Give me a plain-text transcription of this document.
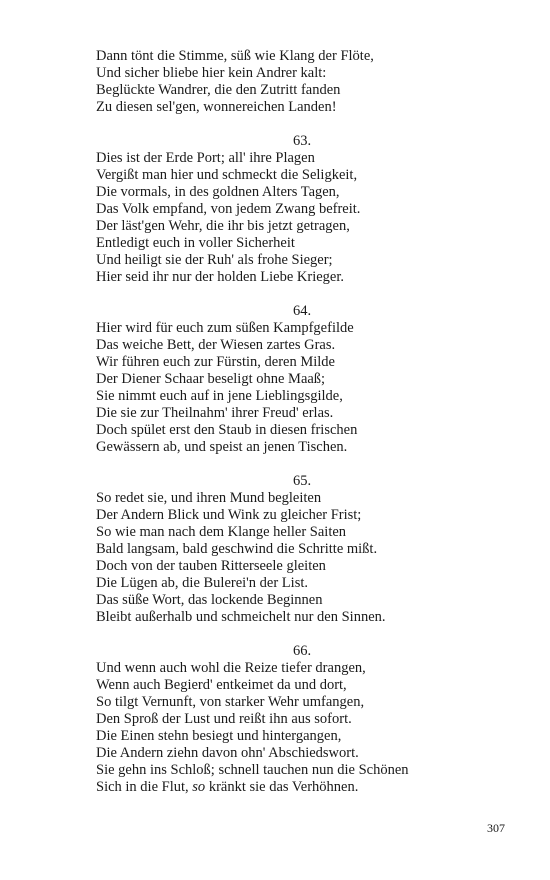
Dann tönt die Stimme, süß wie Klang der Flöte,
Und sicher bliebe hier kein Andrer kalt:
Beglückte Wandrer, die den Zutritt fanden
Zu diesen sel'gen, wonnereichen Landen!
63.
Dies ist der Erde Port; all' ihre Plagen
Vergißt man hier und schmeckt die Seligkeit,
Die vormals, in des goldnen Alters Tagen,
Das Volk empfand, von jedem Zwang befreit.
Der läst'gen Wehr, die ihr bis jetzt getragen,
Entledigt euch in voller Sicherheit
Und heiligt sie der Ruh' als frohe Sieger;
Hier seid ihr nur der holden Liebe Krieger.
64.
Hier wird für euch zum süßen Kampfgefilde
Das weiche Bett, der Wiesen zartes Gras.
Wir führen euch zur Fürstin, deren Milde
Der Diener Schaar beseligt ohne Maaß;
Sie nimmt euch auf in jene Lieblingsgilde,
Die sie zur Theilnahm' ihrer Freud' erlas.
Doch spület erst den Staub in diesen frischen
Gewässern ab, und speist an jenen Tischen.
65.
So redet sie, und ihren Mund begleiten
Der Andern Blick und Wink zu gleicher Frist;
So wie man nach dem Klange heller Saiten
Bald langsam, bald geschwind die Schritte mißt.
Doch von der tauben Ritterseele gleiten
Die Lügen ab, die Bulerei'n der List.
Das süße Wort, das lockende Beginnen
Bleibt außerhalb und schmeichelt nur den Sinnen.
66.
Und wenn auch wohl die Reize tiefer drangen,
Wenn auch Begierd' entkeimet da und dort,
So tilgt Vernunft, von starker Wehr umfangen,
Den Sproß der Lust und reißt ihn aus sofort.
Die Einen stehn besiegt und hintergangen,
Die Andern ziehn davon ohn' Abschiedswort.
Sie gehn ins Schloß; schnell tauchen nun die Schönen
Sich in die Flut, so kränkt sie das Verhöhnen.
307
